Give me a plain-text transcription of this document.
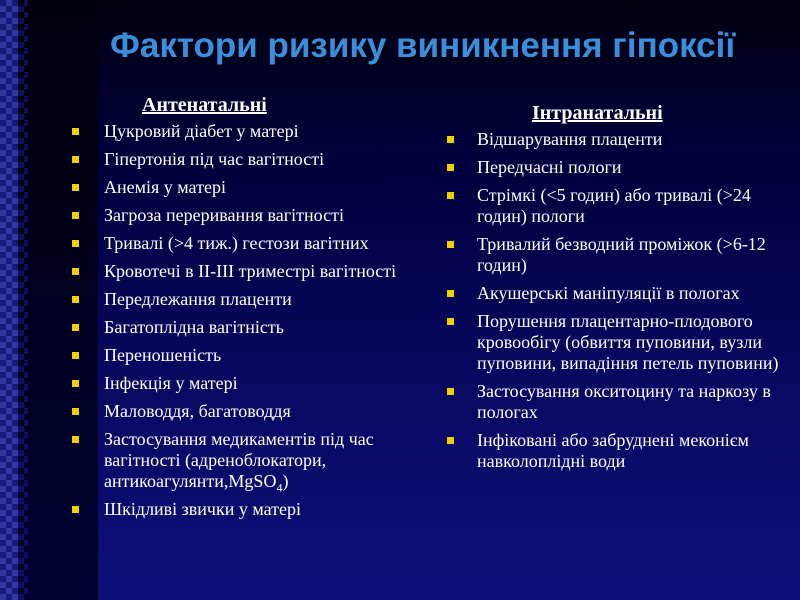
Фактори ризику виникнення гіпоксії
Антенатальні
Цукровий діабет у матері
Гіпертонія під час вагітності
Анемія у матері
Загроза переривання вагітності
Тривалі (>4 тиж.) гестози вагітних
Кровотечі в II-III триместрі вагітності
Передлежання плаценти
Багатоплідна вагітність
Переношеність
Інфекція у матері
Маловоддя, багатоводдя
Застосування медикаментів під час вагітності (адреноблокатори, антикоагулянти,MgSO$_4$)
Шкідливі звички у матері
Інтранатальні
Відшарування плаценти
Передчасні пологи
Стрімкі (<5 годин) або тривалі (>24 годин) пологи
Тривалий безводний проміжок (>6-12 годин)
Акушерські маніпуляції в пологах
Порушення плацентарно-плодового кровообігу (обвиття пуповини, вузли пуповини, випадіння петель пуповини)
Застосування окситоцину та наркозу в пологах
Інфіковані або забруднені меконієм навколоплідні води
